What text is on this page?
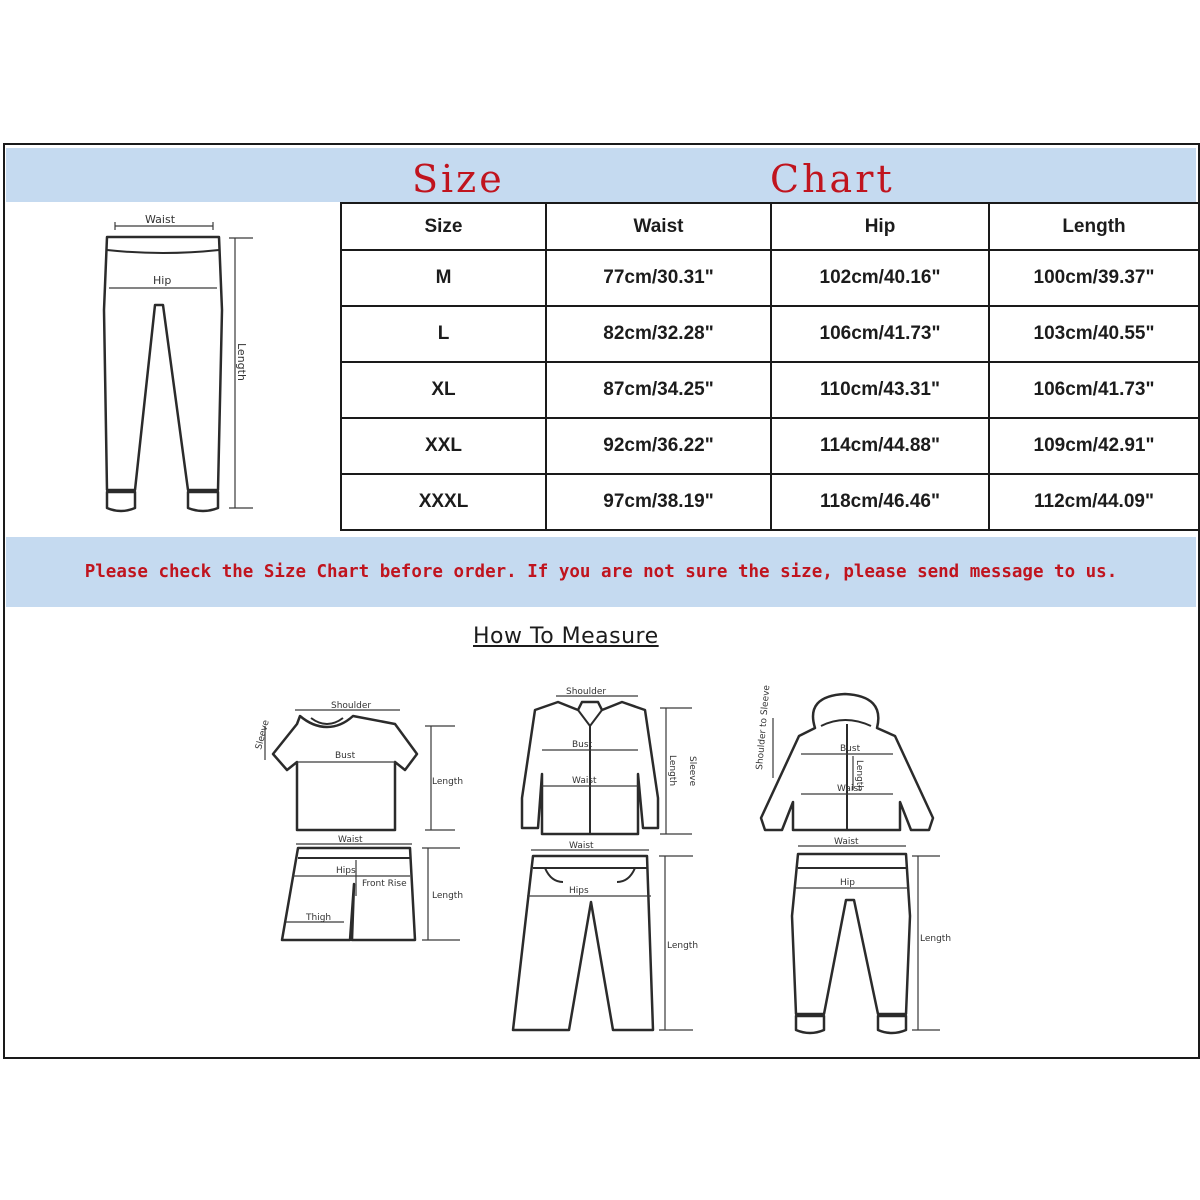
Size	Chart
Waist
Hip
Length
Size	Waist	Hip	Length
M	77cm/30.31"	102cm/40.16"	100cm/39.37"
L	82cm/32.28"	106cm/41.73"	103cm/40.55"
XL	87cm/34.25"	110cm/43.31"	106cm/41.73"
XXL	92cm/36.22"	114cm/44.88"	109cm/42.91"
XXXL	97cm/38.19"	118cm/46.46"	112cm/44.09"
Please check the Size Chart before order. If you are not sure the size, please send message to us.
How To Measure
Shoulder
Bust
Sleeve
Length
Waist
Hips
Front Rise
Thigh
Length
Shoulder
Bust
Waist	Length Sleeve
Waist
Hips
Length
Shoulder to Sleeve	Bust
Waist
Length
Waist
Hip
Length
